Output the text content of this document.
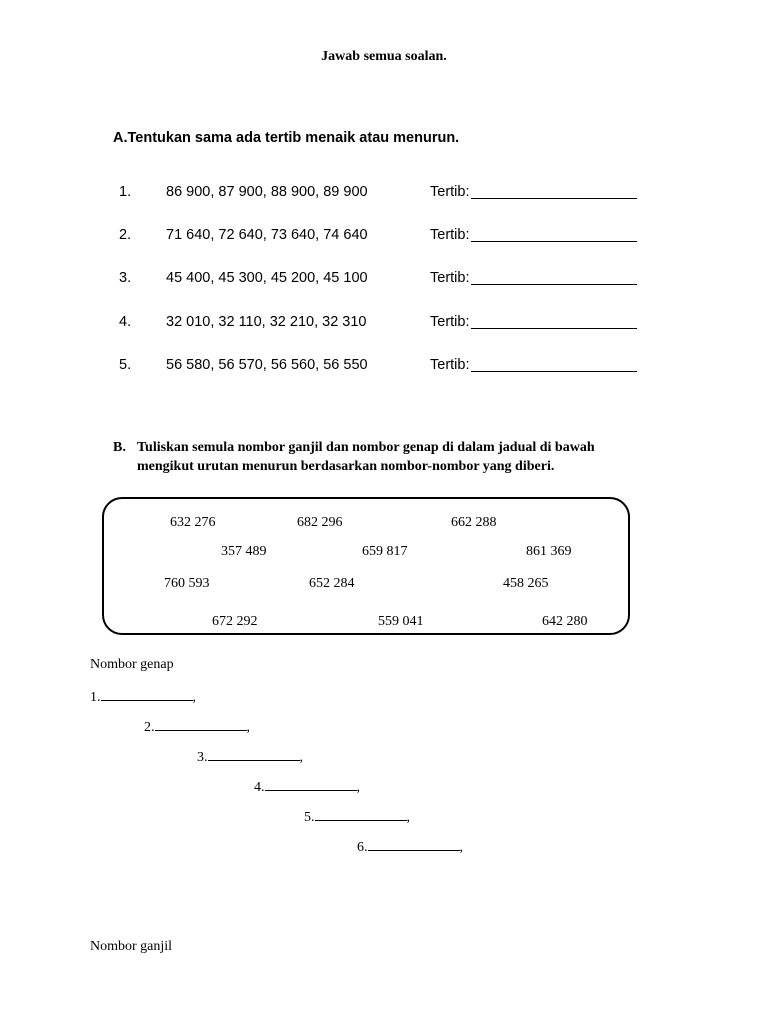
Jawab semua soalan.
A.Tentukan sama ada tertib menaik atau menurun.
1. 86 900, 87 900, 88 900, 89 900	Tertib:
2. 71 640, 72 640, 73 640, 74 640	Tertib:
3. 45 400, 45 300, 45 200, 45 100	Tertib:
4. 32 010, 32 110, 32 210, 32 310	Tertib:
5. 56 580, 56 570, 56 560, 56 550	Tertib:
B. Tuliskan semula nombor ganjil dan nombor genap di dalam jadual di bawah
mengikut urutan menurun berdasarkan nombor-nombor yang diberi.
632 276	682 296	662 288
357 489	659 817	861 369
760 593	652 284	458 265
672 292	559 041	642 280
Nombor genap
1.	,
2.	,
3.	,
4.	,
5.	,
6.	,
Nombor ganjil
